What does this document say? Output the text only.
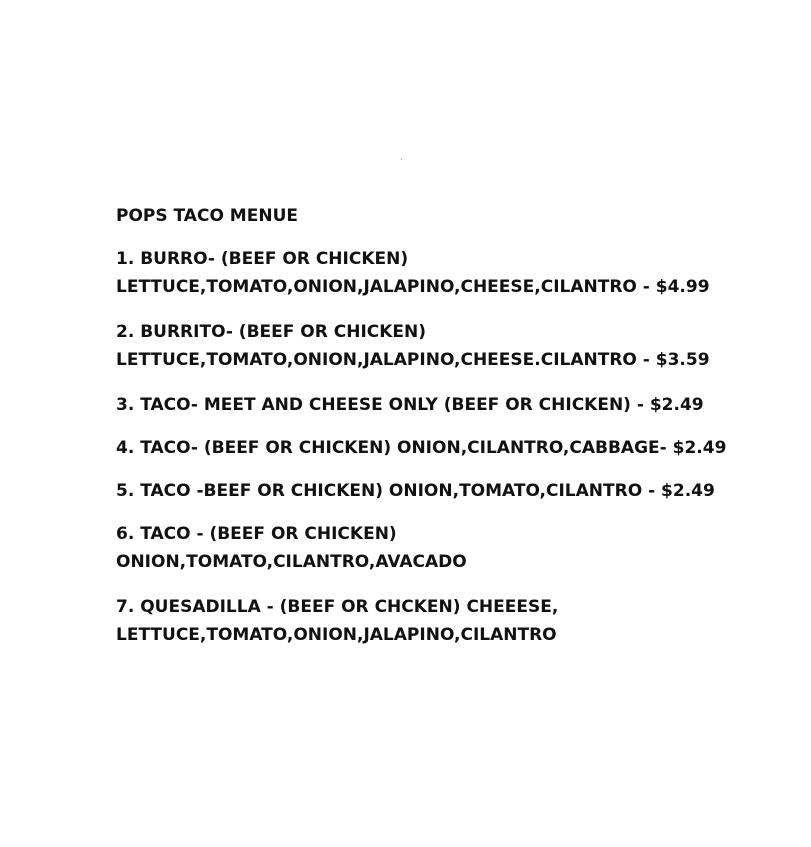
POPS TACO MENUE
1. BURRO- (BEEF OR CHICKEN)
LETTUCE,TOMATO,ONION,JALAPINO,CHEESE,CILANTRO - $4.99
2. BURRITO- (BEEF OR CHICKEN)
LETTUCE,TOMATO,ONION,JALAPINO,CHEESE.CILANTRO - $3.59
3. TACO- MEET AND CHEESE ONLY (BEEF OR CHICKEN) - $2.49
4. TACO- (BEEF OR CHICKEN) ONION,CILANTRO,CABBAGE- $2.49
5. TACO -BEEF OR CHICKEN) ONION,TOMATO,CILANTRO - $2.49
6. TACO - (BEEF OR CHICKEN)
ONION,TOMATO,CILANTRO,AVACADO
7. QUESADILLA - (BEEF OR CHCKEN) CHEEESE,
LETTUCE,TOMATO,ONION,JALAPINO,CILANTRO
